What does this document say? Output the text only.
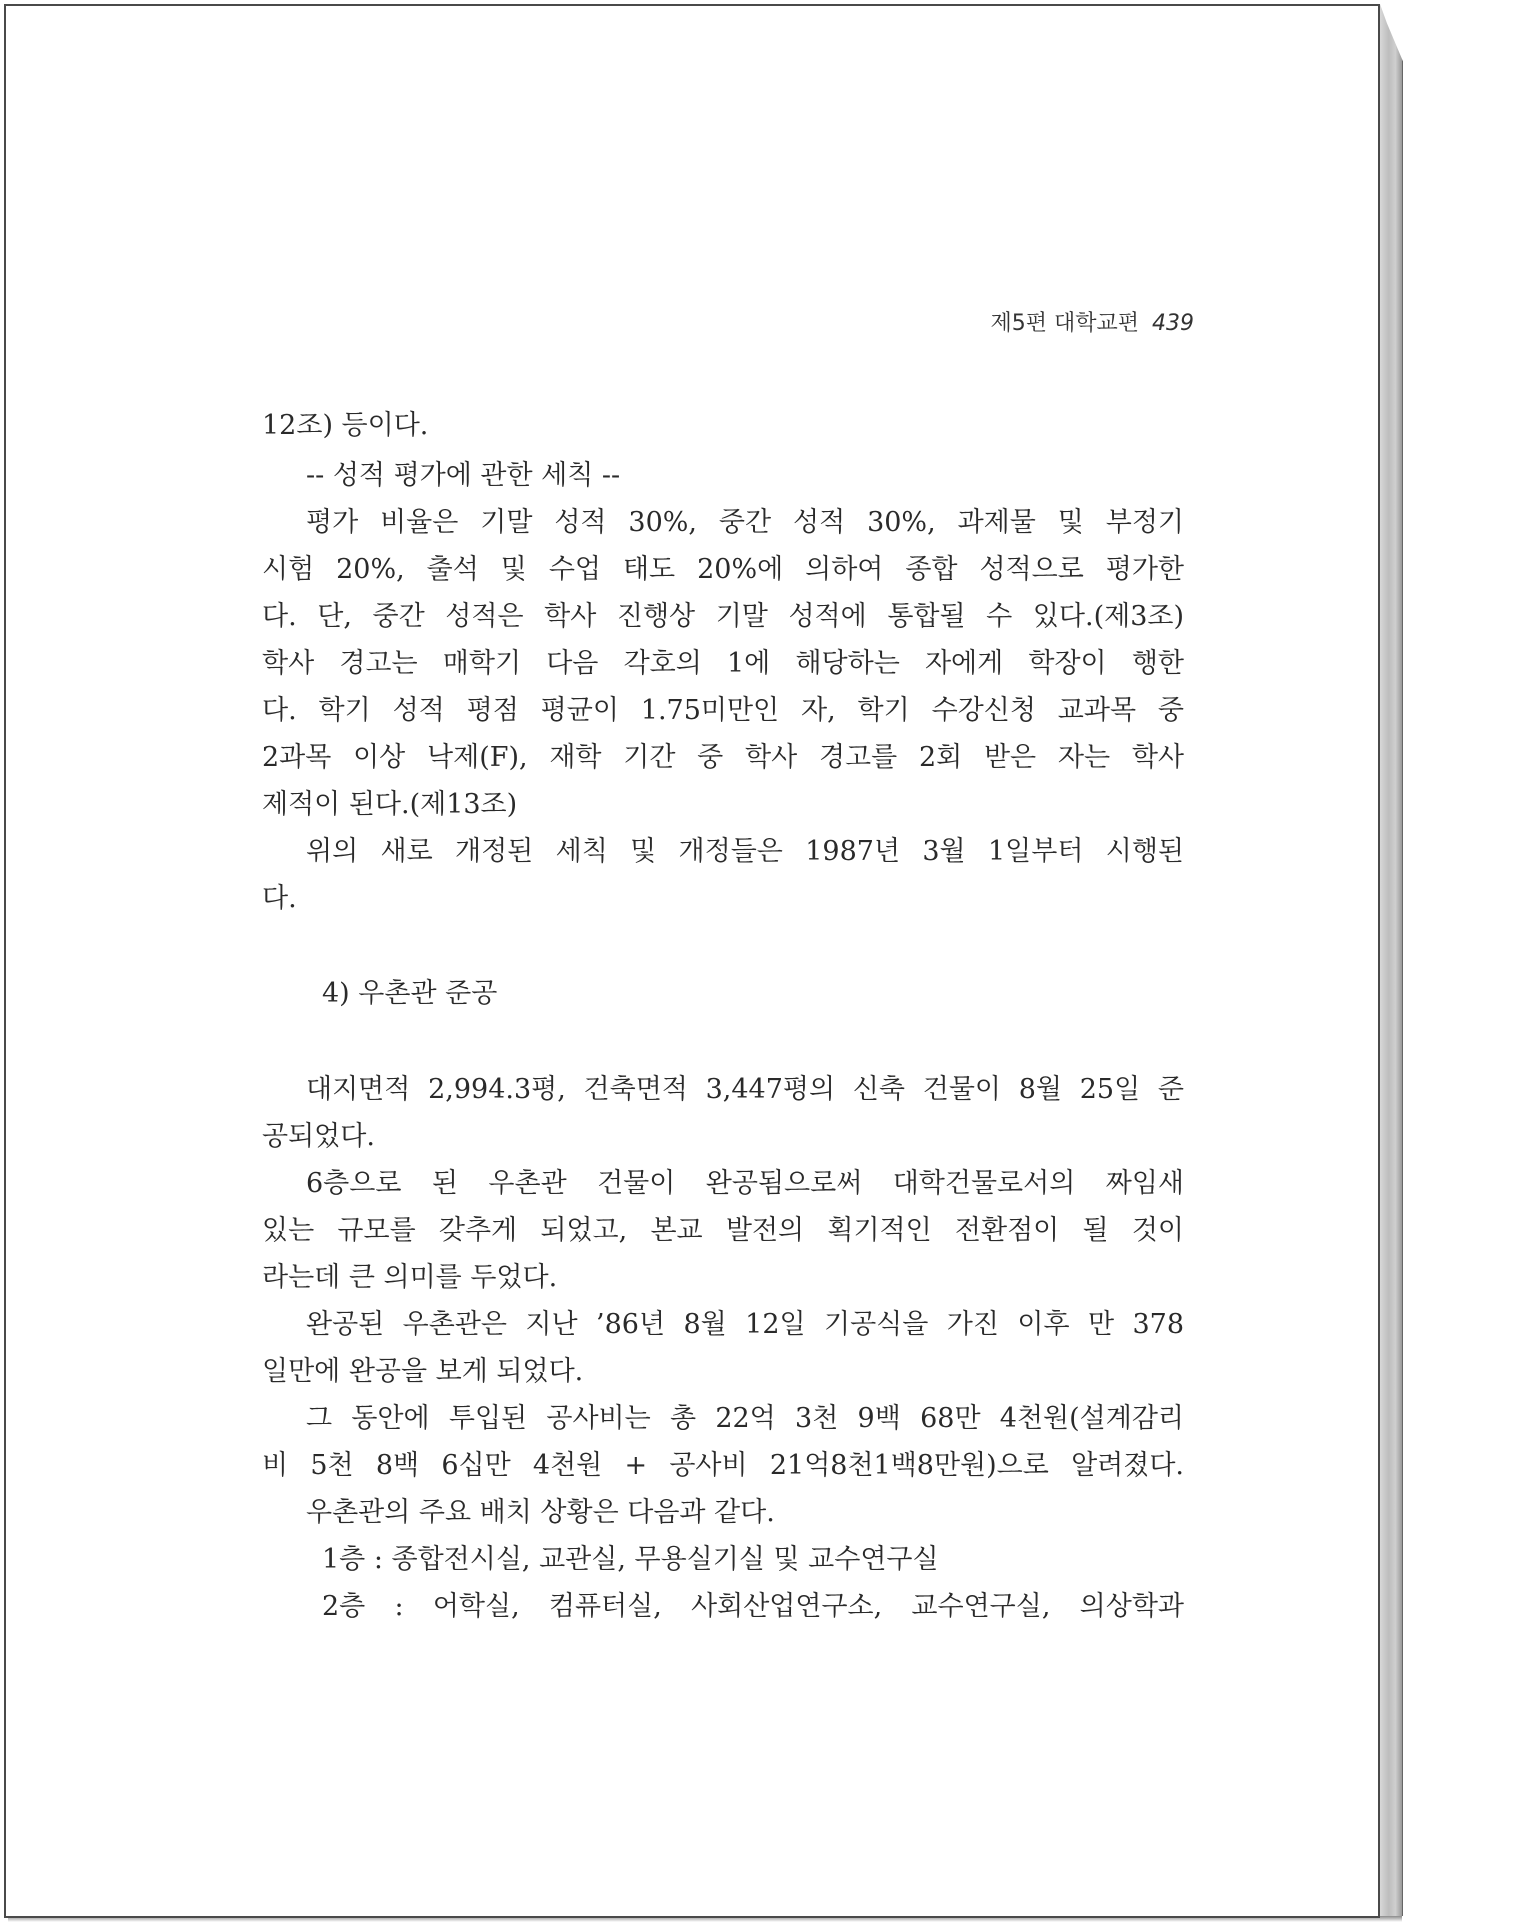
제5편 대학교편 439
12조) 등이다.
-- 성적 평가에 관한 세칙 --
평가 비율은 기말 성적 30%, 중간 성적 30%, 과제물 및 부정기
시험 20%, 출석 및 수업 태도 20%에 의하여 종합 성적으로 평가한
다. 단, 중간 성적은 학사 진행상 기말 성적에 통합될 수 있다.(제3조)
학사 경고는 매학기 다음 각호의 1에 해당하는 자에게 학장이 행한
다. 학기 성적 평점 평균이 1.75미만인 자, 학기 수강신청 교과목 중
2과목 이상 낙제(F), 재학 기간 중 학사 경고를 2회 받은 자는 학사
제적이 된다.(제13조)
위의 새로 개정된 세칙 및 개정들은 1987년 3월 1일부터 시행된
다.
4) 우촌관 준공
대지면적 2,994.3평, 건축면적 3,447평의 신축 건물이 8월 25일 준
공되었다.
6층으로 된 우촌관 건물이 완공됨으로써 대학건물로서의 짜임새
있는 규모를 갖추게 되었고, 본교 발전의 획기적인 전환점이 될 것이
라는데 큰 의미를 두었다.
완공된 우촌관은 지난 ’86년 8월 12일 기공식을 가진 이후 만 378
일만에 완공을 보게 되었다.
그 동안에 투입된 공사비는 총 22억 3천 9백 68만 4천원(설계감리
비 5천 8백 6십만 4천원 + 공사비 21억8천1백8만원)으로 알려졌다.
우촌관의 주요 배치 상황은 다음과 같다.
1층 : 종합전시실, 교관실, 무용실기실 및 교수연구실
2층 : 어학실, 컴퓨터실, 사회산업연구소, 교수연구실, 의상학과
